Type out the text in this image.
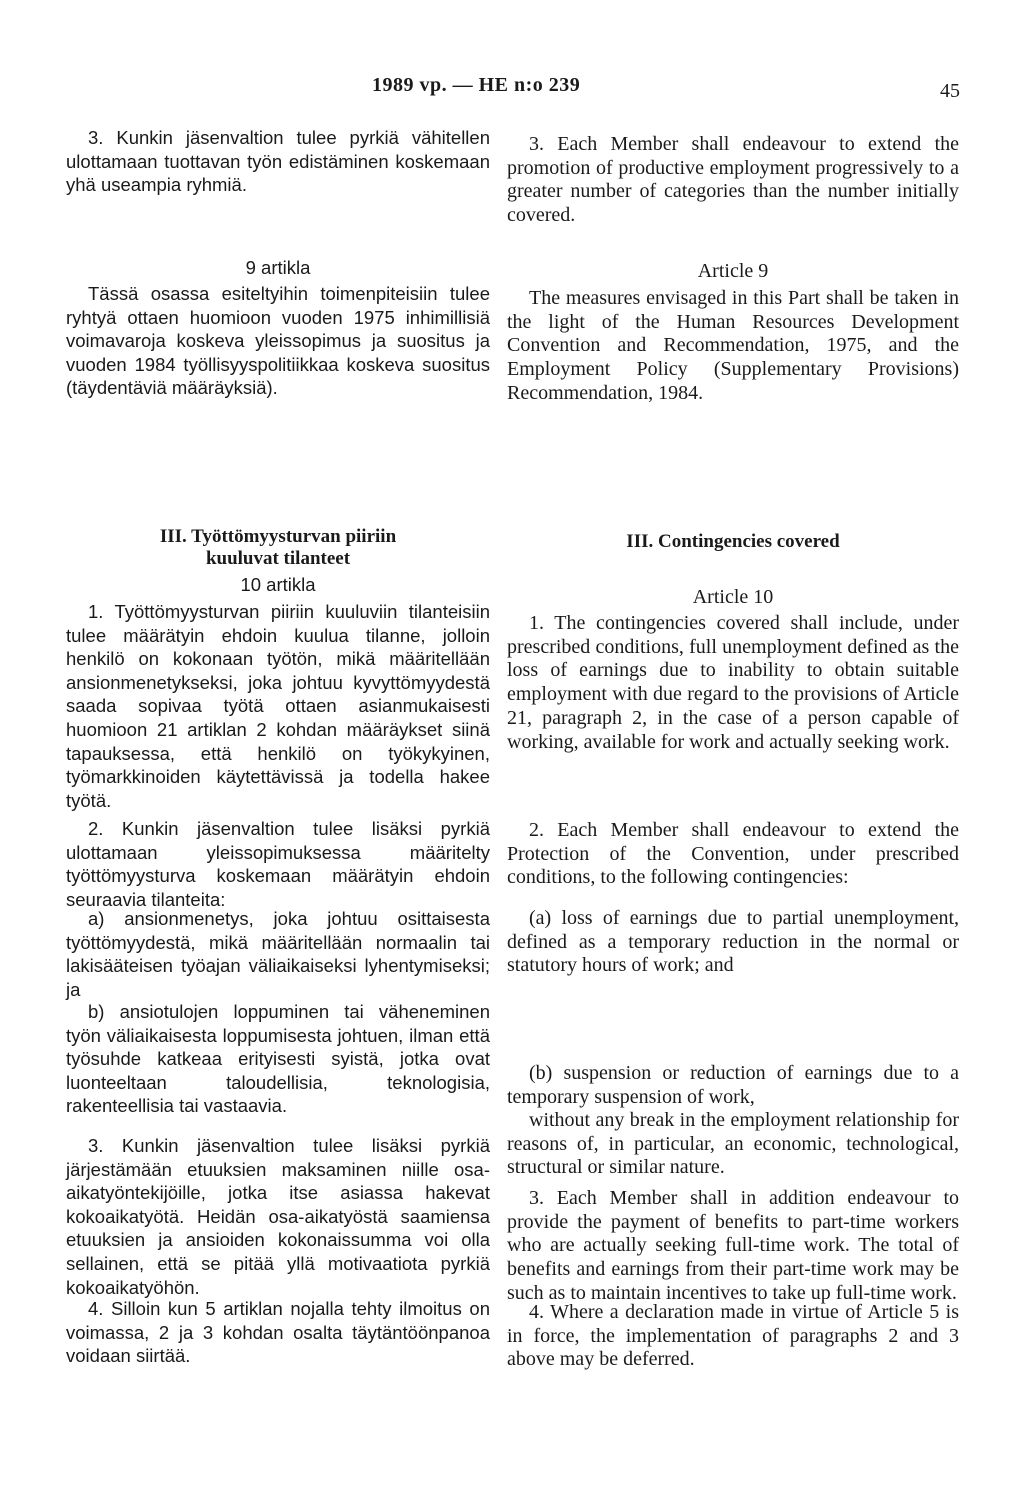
1989 vp. — HE n:o 239	45

3. Kunkin jäsenvaltion tulee pyrkiä vähitellen ulottamaan tuottavan työn edistäminen koskemaan yhä useampia ryhmiä.

9 artikla

Tässä osassa esiteltyihin toimenpiteisiin tulee ryhtyä ottaen huomioon vuoden 1975 inhimillisiä voimavaroja koskeva yleissopimus ja suositus ja vuoden 1984 työllisyyspolitiikkaa koskeva suositus (täydentäviä määräyksiä).

III. Työttömyysturvan piiriin kuuluvat tilanteet

10 artikla

1. Työttömyysturvan piiriin kuuluviin tilanteisiin tulee määrätyin ehdoin kuulua tilanne, jolloin henkilö on kokonaan työtön, mikä määritellään ansionmenetykseksi, joka johtuu kyvyttömyydestä saada sopivaa työtä ottaen asianmukaisesti huomioon 21 artiklan 2 kohdan määräykset siinä tapauksessa, että henkilö on työkykyinen, työmarkkinoiden käytettävissä ja todella hakee työtä.

2. Kunkin jäsenvaltion tulee lisäksi pyrkiä ulottamaan yleissopimuksessa määritelty työttömyysturva koskemaan määrätyin ehdoin seuraavia tilanteita:

a) ansionmenetys, joka johtuu osittaisesta työttömyydestä, mikä määritellään normaalin tai lakisääteisen työajan väliaikaiseksi lyhentymiseksi; ja

b) ansiotulojen loppuminen tai väheneminen työn väliaikaisesta loppumisesta johtuen, ilman että työsuhde katkeaa erityisesti syistä, jotka ovat luonteeltaan taloudellisia, teknologisia, rakenteellisia tai vastaavia.

3. Kunkin jäsenvaltion tulee lisäksi pyrkiä järjestämään etuuksien maksaminen niille osa-aikatyöntekijöille, jotka itse asiassa hakevat kokoaikatyötä. Heidän osa-aikatyöstä saamiensa etuuksien ja ansioiden kokonaissumma voi olla sellainen, että se pitää yllä motivaatiota pyrkiä kokoaikatyöhön.

4. Silloin kun 5 artiklan nojalla tehty ilmoitus on voimassa, 2 ja 3 kohdan osalta täytäntöönpanoa voidaan siirtää.

3. Each Member shall endeavour to extend the promotion of productive employment progressively to a greater number of categories than the number initially covered.

Article 9

The measures envisaged in this Part shall be taken in the light of the Human Resources Development Convention and Recommendation, 1975, and the Employment Policy (Supplementary Provisions) Recommendation, 1984.

III. Contingencies covered

Article 10

1. The contingencies covered shall include, under prescribed conditions, full unemployment defined as the loss of earnings due to inability to obtain suitable employment with due regard to the provisions of Article 21, paragraph 2, in the case of a person capable of working, available for work and actually seeking work.

2. Each Member shall endeavour to extend the Protection of the Convention, under prescribed conditions, to the following contingencies:

(a) loss of earnings due to partial unemployment, defined as a temporary reduction in the normal or statutory hours of work; and

(b) suspension or reduction of earnings due to a temporary suspension of work,

without any break in the employment relationship for reasons of, in particular, an economic, technological, structural or similar nature.

3. Each Member shall in addition endeavour to provide the payment of benefits to part-time workers who are actually seeking full-time work. The total of benefits and earnings from their part-time work may be such as to maintain incentives to take up full-time work.

4. Where a declaration made in virtue of Article 5 is in force, the implementation of paragraphs 2 and 3 above may be deferred.
